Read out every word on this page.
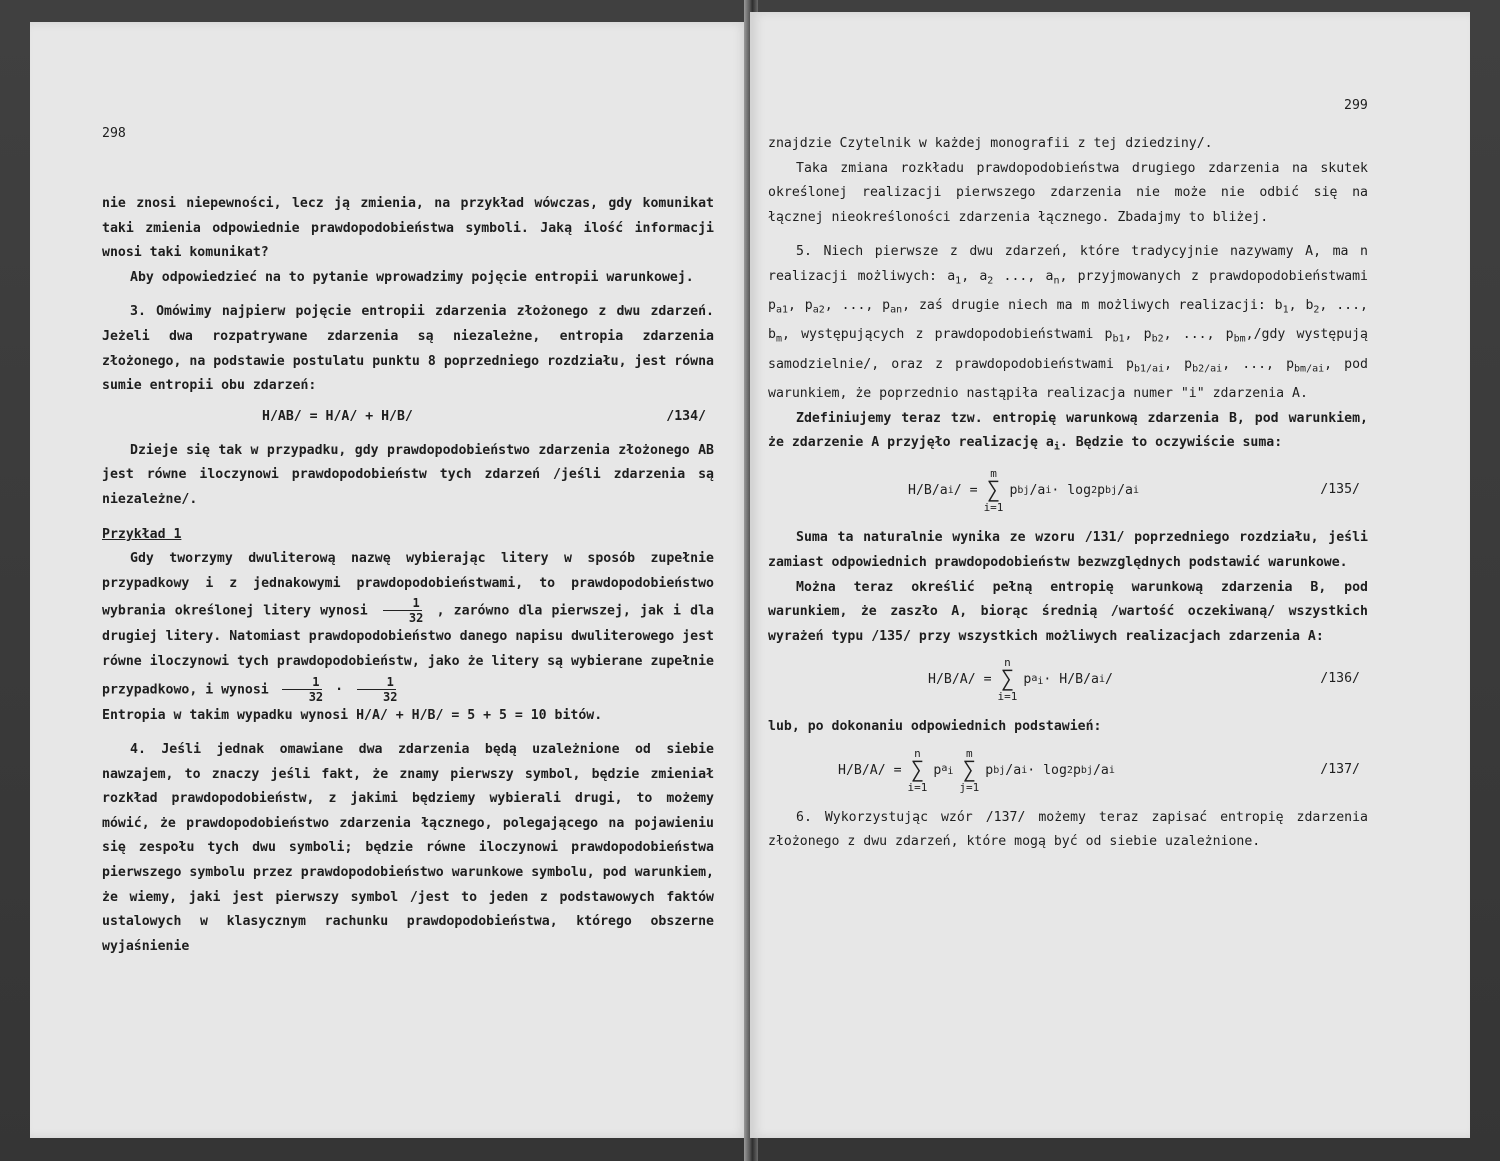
298

nie znosi niepewności, lecz ją zmienia, na przykład wówczas, gdy komunikat taki zmienia odpowiednie prawdopodobieństwa symboli. Jaką ilość informacji wnosi taki komunikat?

Aby odpowiedzieć na to pytanie wprowadzimy pojęcie entropii warunkowej.

3. Omówimy najpierw pojęcie entropii zdarzenia złożonego z dwu zdarzeń. Jeżeli dwa rozpatrywane zdarzenia są niezależne, entropia zdarzenia złożonego, na podstawie postulatu punktu 8 poprzedniego rozdziału, jest równa sumie entropii obu zdarzeń:

H/AB/ = H/A/ + H/B/	/134/

Dzieje się tak w przypadku, gdy prawdopodobieństwo zdarzenia złożonego AB jest równe iloczynowi prawdopodobieństw tych zdarzeń /jeśli zdarzenia są niezależne/.

Przykład 1

Gdy tworzymy dwuliterową nazwę wybierając litery w sposób zupełnie przypadkowy i z jednakowymi prawdopodobieństwami, to prawdopodobieństwo wybrania określonej litery wynosi $\frac{1}{32}$ , zarówno dla pierwszej, jak i dla drugiej litery. Natomiast prawdopodobieństwo danego napisu dwuliterowego jest równe iloczynowi tych prawdopodobieństw, jako że litery są wybierane zupełnie przypadkowo, i wynosi $\frac{1}{32} \cdot \frac{1}{32}$

Entropia w takim wypadku wynosi H/A/ + H/B/ = 5 + 5 = 10 bitów.

4. Jeśli jednak omawiane dwa zdarzenia będą uzależnione od siebie nawzajem, to znaczy jeśli fakt, że znamy pierwszy symbol, będzie zmieniał rozkład prawdopodobieństw, z jakimi będziemy wybierali drugi, to możemy mówić, że prawdopodobieństwo zdarzenia łącznego, polegającego na pojawieniu się zespołu tych dwu symboli; będzie równe iloczynowi prawdopodobieństwa pierwszego symbolu przez prawdopodobieństwo warunkowe symbolu, pod warunkiem, że wiemy, jaki jest pierwszy symbol /jest to jeden z podstawowych faktów ustalowych w klasycznym rachunku prawdopodobieństwa, którego obszerne wyjaśnienie

299

znajdzie Czytelnik w każdej monografii z tej dziedziny/.

Taka zmiana rozkładu prawdopodobieństwa drugiego zdarzenia na skutek określonej realizacji pierwszego zdarzenia nie może nie odbić się na łącznej nieokreśloności zdarzenia łącznego. Zbadajmy to bliżej.

5. Niech pierwsze z dwu zdarzeń, które tradycyjnie nazywamy A, ma n realizacji możliwych: $a_1$, $a_2$ ..., $a_n$, przyjmowanych z prawdopodobieństwami $p_{a1}$, $p_{a2}$, ..., $p_{an}$, zaś drugie niech ma m możliwych realizacji: $b_1$, $b_2$, ..., $b_m$, występujących z prawdopodobieństwami $p_{b1}$, $p_{b2}$, ..., $p_{bm}$,/gdy występują samodzielnie/, oraz z prawdopodobieństwami $p_{b1/ai}$, $p_{b2/ai}$, ..., $p_{bm/ai}$, pod warunkiem, że poprzednio nastąpiła realizacja numer "i" zdarzenia A.

Zdefiniujemy teraz tzw. entropię warunkową zdarzenia B, pod warunkiem, że zdarzenie A przyjęło realizację $a_i$. Będzie to oczywiście suma:

H/B/a i / =
m
∑
i=1
p bj /a i · log 2 p bj /a i	/135/

Suma ta naturalnie wynika ze wzoru /131/ poprzedniego rozdziału, jeśli zamiast odpowiednich prawdopodobieństw bezwzględnych podstawić warunkowe.

Można teraz określić pełną entropię warunkową zdarzenia B, pod warunkiem, że zaszło A, biorąc średnią /wartość oczekiwaną/ wszystkich wyrażeń typu /135/ przy wszystkich możliwych realizacjach zdarzenia A:

H/B/A/ =
n
∑
i=1
p $a_i \cdot H/B/a$ i /	/136/

lub, po dokonaniu odpowiednich podstawień:

H/B/A/ =
n
∑
i=1
p $a_i$
m
∑
j=1
p bj /a i · log 2 p bj /a i	/137/

6. Wykorzystując wzór /137/ możemy teraz zapisać entropię zdarzenia złożonego z dwu zdarzeń, które mogą być od siebie uzależnione.
